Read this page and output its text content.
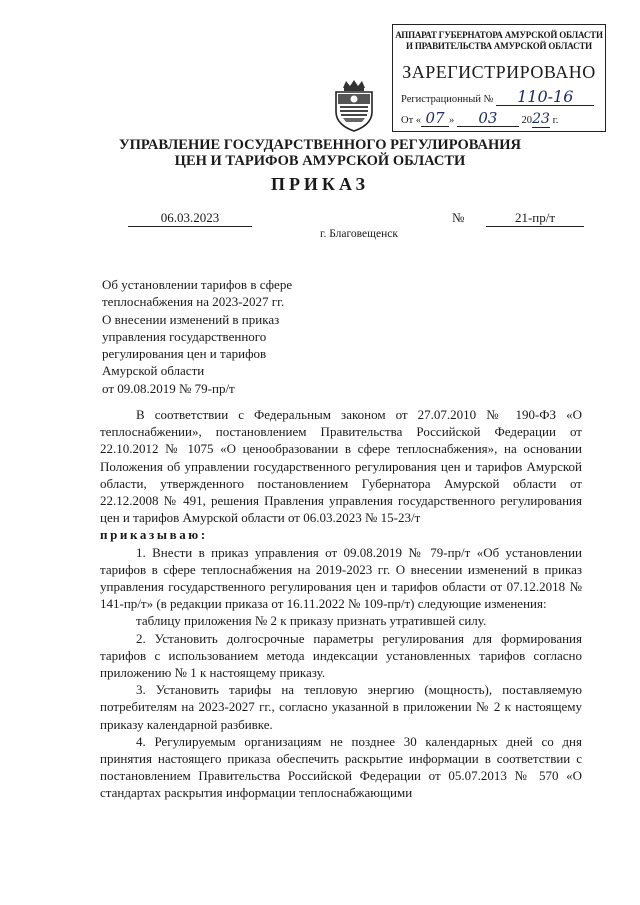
АППАРАТ ГУБЕРНАТОРА АМУРСКОЙ ОБЛАСТИ
И ПРАВИТЕЛЬСТВА АМУРСКОЙ ОБЛАСТИ
ЗАРЕГИСТРИРОВАНО
Регистрационный № 110-16
От « 07 » 03 2023 г.
УПРАВЛЕНИЕ ГОСУДАРСТВЕННОГО РЕГУЛИРОВАНИЯ
ЦЕН И ТАРИФОВ АМУРСКОЙ ОБЛАСТИ
ПРИКАЗ
06.03.2023	№	21-пр/т
г. Благовещенск
Об установлении тарифов в сфере
теплоснабжения на 2023-2027 гг.
О внесении изменений в приказ
управления государственного
регулирования цен и тарифов
Амурской области
от 09.08.2019 № 79-пр/т

В соответствии с Федеральным законом от 27.07.2010 № 190-ФЗ «О теплоснабжении», постановлением Правительства Российской Федерации от 22.10.2012 № 1075 «О ценообразовании в сфере теплоснабжения», на основании Положения об управлении государственного регулирования цен и тарифов Амурской области, утвержденного постановлением Губернатора Амурской области от 22.12.2008 № 491, решения Правления управления государственного регулирования цен и тарифов Амурской области от 06.03.2023 № 15-23/т

приказываю:

1. Внести в приказ управления от 09.08.2019 № 79-пр/т «Об установлении тарифов в сфере теплоснабжения на 2019-2023 гг. О внесении изменений в приказ управления государственного регулирования цен и тарифов области от 07.12.2018 № 141-пр/т» (в редакции приказа от 16.11.2022 № 109-пр/т) следующие изменения:

таблицу приложения № 2 к приказу признать утратившей силу.

2. Установить долгосрочные параметры регулирования для формирования тарифов с использованием метода индексации установленных тарифов согласно приложению № 1 к настоящему приказу.

3. Установить тарифы на тепловую энергию (мощность), поставляемую потребителям на 2023-2027 гг., согласно указанной в приложении № 2 к настоящему приказу календарной разбивке.

4. Регулируемым организациям не позднее 30 календарных дней со дня принятия настоящего приказа обеспечить раскрытие информации в соответствии с постановлением Правительства Российской Федерации от 05.07.2013 № 570 «О стандартах раскрытия информации теплоснабжающими
